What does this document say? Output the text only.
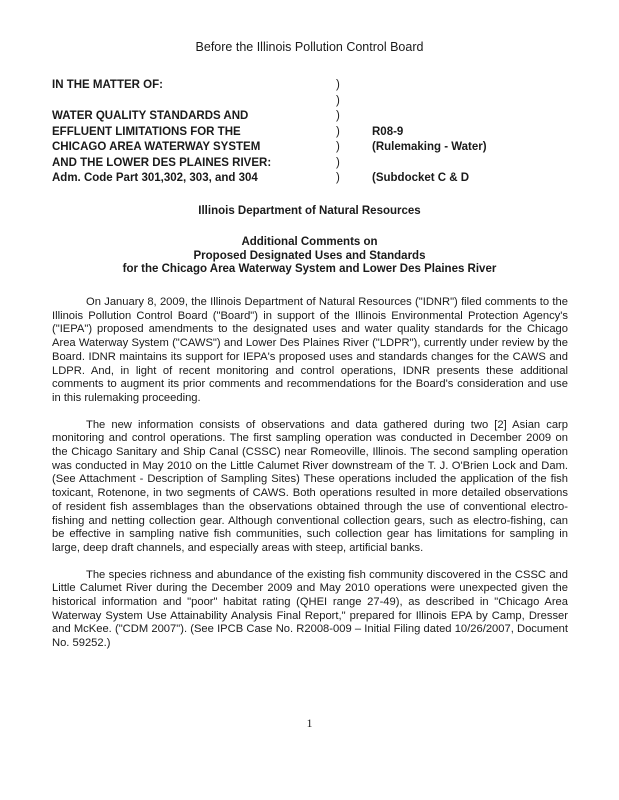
Before the Illinois Pollution Control Board
IN THE MATTER OF:
WATER QUALITY STANDARDS AND
EFFLUENT LIMITATIONS FOR THE
CHICAGO AREA WATERWAY SYSTEM
AND THE LOWER DES PLAINES RIVER:
Adm. Code Part 301,302, 303, and 304
)
)
)
)
)
)
)
R08-9
(Rulemaking - Water)
(Subdocket C & D
Illinois Department of Natural Resources
Additional Comments on
Proposed Designated Uses and Standards
for the Chicago Area Waterway System and Lower Des Plaines River

On January 8, 2009, the Illinois Department of Natural Resources ("IDNR") filed comments to the Illinois Pollution Control Board ("Board") in support of the Illinois Environmental Protection Agency's ("IEPA") proposed amendments to the designated uses and water quality standards for the Chicago Area Waterway System ("CAWS") and Lower Des Plaines River ("LDPR"), currently under review by the Board. IDNR maintains its support for IEPA's proposed uses and standards changes for the CAWS and LDPR. And, in light of recent monitoring and control operations, IDNR presents these additional comments to augment its prior comments and recommendations for the Board's consideration and use in this rulemaking proceeding.

The new information consists of observations and data gathered during two [2] Asian carp monitoring and control operations. The first sampling operation was conducted in December 2009 on the Chicago Sanitary and Ship Canal (CSSC) near Romeoville, Illinois. The second sampling operation was conducted in May 2010 on the Little Calumet River downstream of the T. J. O'Brien Lock and Dam. (See Attachment - Description of Sampling Sites) These operations included the application of the fish toxicant, Rotenone, in two segments of CAWS. Both operations resulted in more detailed observations of resident fish assemblages than the observations obtained through the use of conventional electro-fishing and netting collection gear. Although conventional collection gears, such as electro-fishing, can be effective in sampling native fish communities, such collection gear has limitations for sampling in large, deep draft channels, and especially areas with steep, artificial banks.

The species richness and abundance of the existing fish community discovered in the CSSC and Little Calumet River during the December 2009 and May 2010 operations were unexpected given the historical information and "poor" habitat rating (QHEI range 27-49), as described in "Chicago Area Waterway System Use Attainability Analysis Final Report," prepared for Illinois EPA by Camp, Dresser and McKee. ("CDM 2007"). (See IPCB Case No. R2008-009 – Initial Filing dated 10/26/2007, Document No. 59252.)

1
